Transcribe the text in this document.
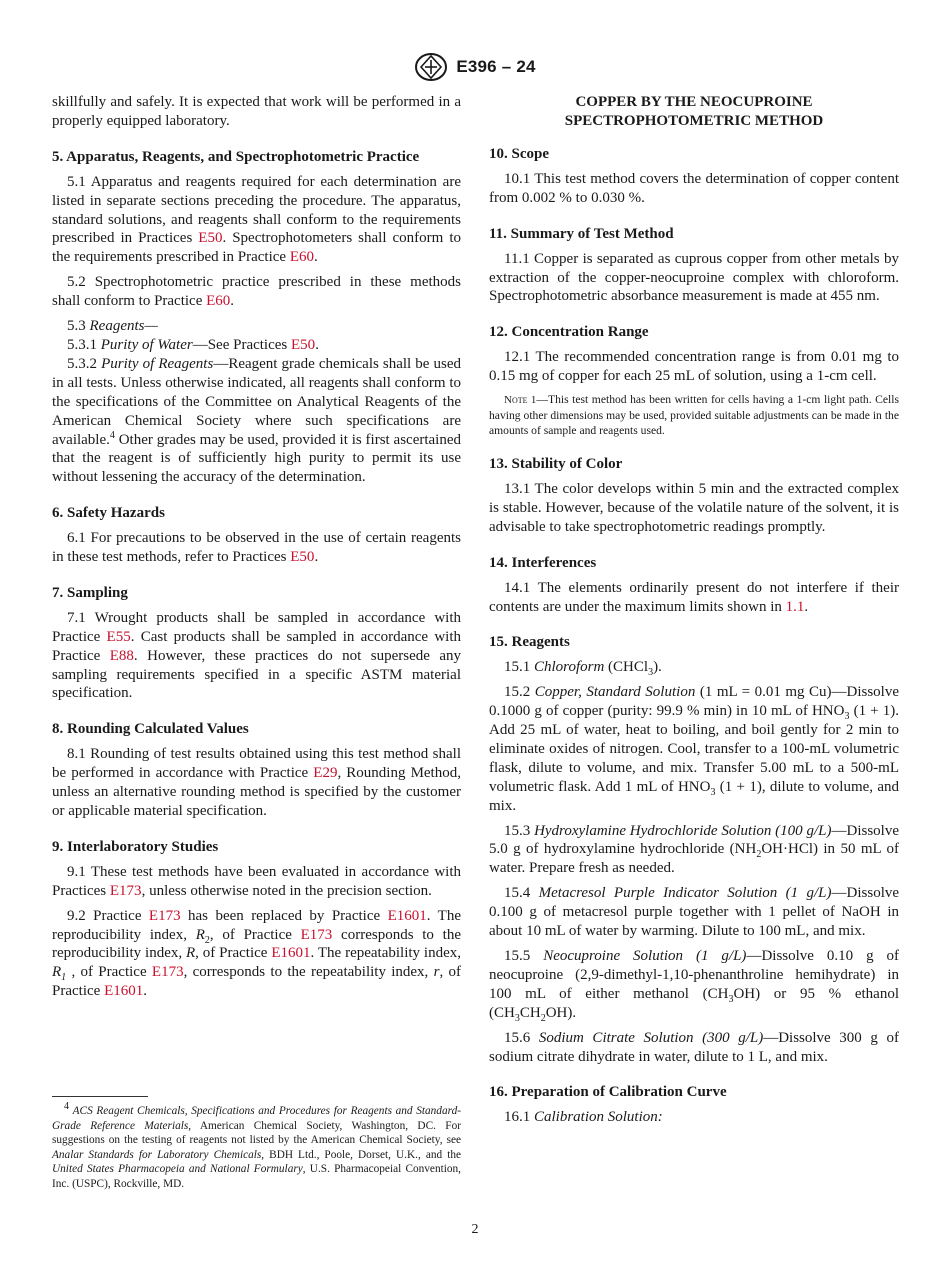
E396 – 24

skillfully and safely. It is expected that work will be performed in a properly equipped laboratory.

5. Apparatus, Reagents, and Spectrophotometric Practice

5.1 Apparatus and reagents required for each determination are listed in separate sections preceding the procedure. The apparatus, standard solutions, and reagents shall conform to the requirements prescribed in Practices E50. Spectrophotometers shall conform to the requirements prescribed in Practice E60.

5.2 Spectrophotometric practice prescribed in these methods shall conform to Practice E60.

5.3 Reagents—

5.3.1 Purity of Water—See Practices E50.

5.3.2 Purity of Reagents—Reagent grade chemicals shall be used in all tests. Unless otherwise indicated, all reagents shall conform to the specifications of the Committee on Analytical Reagents of the American Chemical Society where such specifications are available.$^4$ Other grades may be used, provided it is first ascertained that the reagent is of sufficiently high purity to permit its use without lessening the accuracy of the determination.

6. Safety Hazards

6.1 For precautions to be observed in the use of certain reagents in these test methods, refer to Practices E50.

7. Sampling

7.1 Wrought products shall be sampled in accordance with Practice E55. Cast products shall be sampled in accordance with Practice E88. However, these practices do not supersede any sampling requirements specified in a specific ASTM material specification.

8. Rounding Calculated Values

8.1 Rounding of test results obtained using this test method shall be performed in accordance with Practice E29, Rounding Method, unless an alternative rounding method is specified by the customer or applicable material specification.

9. Interlaboratory Studies

9.1 These test methods have been evaluated in accordance with Practices E173, unless otherwise noted in the precision section.

9.2 Practice E173 has been replaced by Practice E1601. The reproducibility index, $R_2$, of Practice E173 corresponds to the reproducibility index, R, of Practice E1601. The repeatability index, $R_1$ , of Practice E173, corresponds to the repeatability index, r, of Practice E1601.

$^4$ ACS Reagent Chemicals, Specifications and Procedures for Reagents and Standard-Grade Reference Materials, American Chemical Society, Washington, DC. For suggestions on the testing of reagents not listed by the American Chemical Society, see Analar Standards for Laboratory Chemicals, BDH Ltd., Poole, Dorset, U.K., and the United States Pharmacopeia and National Formulary, U.S. Pharmacopeial Convention, Inc. (USPC), Rockville, MD.

COPPER BY THE NEOCUPROINE
SPECTROPHOTOMETRIC METHOD

10. Scope

10.1 This test method covers the determination of copper content from 0.002 % to 0.030 %.

11. Summary of Test Method

11.1 Copper is separated as cuprous copper from other metals by extraction of the copper-neocuproine complex with chloroform. Spectrophotometric absorbance measurement is made at 455 nm.

12. Concentration Range

12.1 The recommended concentration range is from 0.01 mg to 0.15 mg of copper for each 25 mL of solution, using a 1-cm cell.

Note 1—This test method has been written for cells having a 1-cm light path. Cells having other dimensions may be used, provided suitable adjustments can be made in the amounts of sample and reagents used.

13. Stability of Color

13.1 The color develops within 5 min and the extracted complex is stable. However, because of the volatile nature of the solvent, it is advisable to take spectrophotometric readings promptly.

14. Interferences

14.1 The elements ordinarily present do not interfere if their contents are under the maximum limits shown in 1.1.

15. Reagents

15.1 Chloroform (CHCl$_3$).

15.2 Copper, Standard Solution (1 mL = 0.01 mg Cu)—Dissolve 0.1000 g of copper (purity: 99.9 % min) in 10 mL of $HNO_3$ (1 + 1). Add 25 mL of water, heat to boiling, and boil gently for 2 min to eliminate oxides of nitrogen. Cool, transfer to a 100-mL volumetric flask, dilute to volume, and mix. Transfer 5.00 mL to a 500-mL volumetric flask. Add 1 mL of $HNO_3$ (1 + 1), dilute to volume, and mix.

15.3 Hydroxylamine Hydrochloride Solution (100 g/L)—Dissolve 5.0 g of hydroxylamine hydrochloride $(NH_2OH\cdot HCl)$ in 50 mL of water. Prepare fresh as needed.

15.4 Metacresol Purple Indicator Solution (1 g/L)—Dissolve 0.100 g of metacresol purple together with 1 pellet of NaOH in about 10 mL of water by warming. Dilute to 100 mL, and mix.

15.5 Neocuproine Solution (1 g/L)—Dissolve 0.10 g of neocuproine (2,9-dimethyl-1,10-phenanthroline hemihydrate) in 100 mL of either methanol $(CH_3OH)$ or 95 % ethanol $(CH_3CH_2OH)$.

15.6 Sodium Citrate Solution (300 g/L)—Dissolve 300 g of sodium citrate dihydrate in water, dilute to 1 L, and mix.

16. Preparation of Calibration Curve

16.1 Calibration Solution:

2
